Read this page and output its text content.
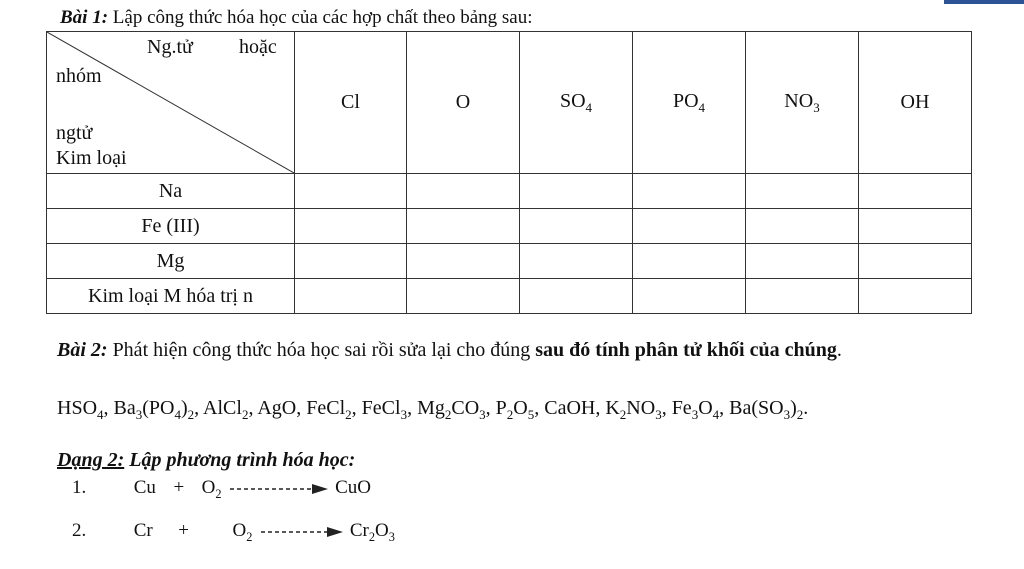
Bài 1: Lập công thức hóa học của các hợp chất theo bảng sau:
Ng.tử hoặc
nhóm
ngtử
Kim loại	Cl	O	$SO_4$	$PO_4$	$NO_3$	OH
Na						
Fe (III)						
Mg						
Kim loại M hóa trị n						
Bài 2: Phát hiện công thức hóa học sai rồi sửa lại cho đúng sau đó tính phân tử khối của chúng.
$HSO_4$, $Ba_3(PO_4)_2$, AlCl$_2$, AgO, FeCl$_2$, FeCl$_3$, $Mg_2CO_3$, $P_2O_5$, CaOH, $K_2NO_3$, $Fe_3O_4$, $Ba(SO_3)_2$.
Dạng 2: Lập phương trình hóa học:
1.	$Cu + O_2$	CuO
2.	$Cr + O_2$	$Cr_2O_3$
